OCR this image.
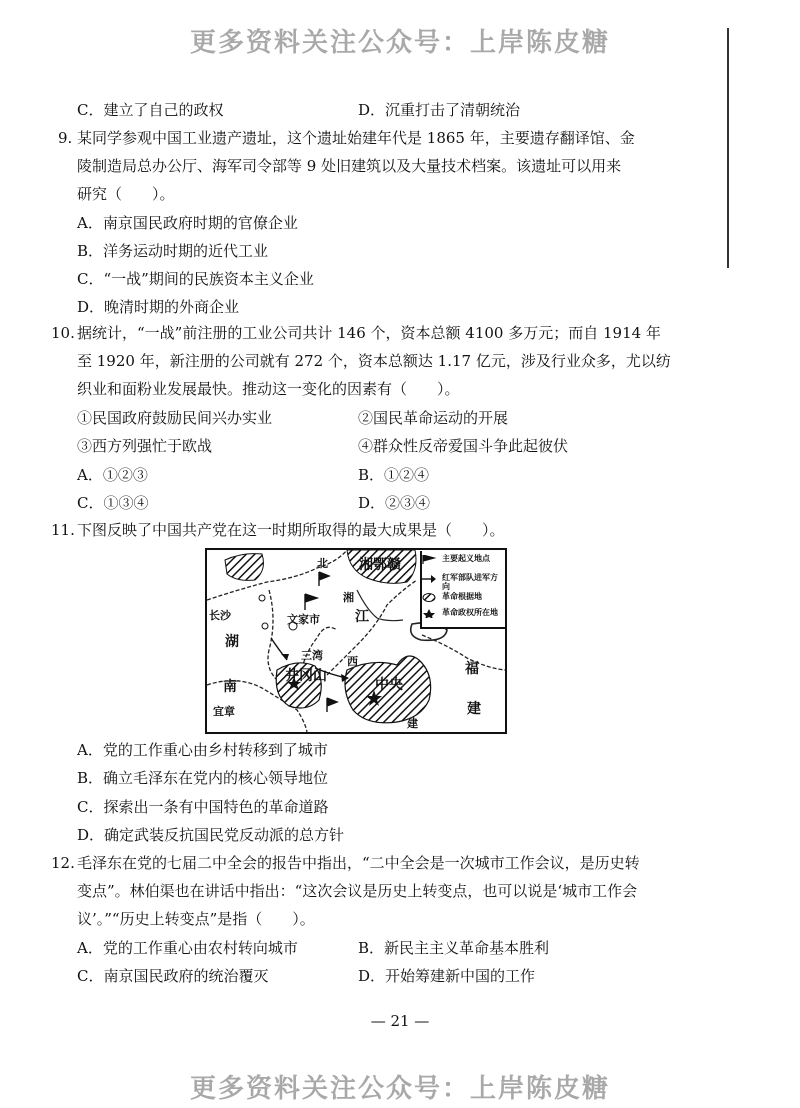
更多资料关注公众号：上岸陈皮糖
C．建立了自己的政权	D．沉重打击了清朝统治
9. 某同学参观中国工业遗产遗址，这个遗址始建年代是 1865 年，主要遗存翻译馆、金
陵制造局总办公厅、海军司令部等 9 处旧建筑以及大量技术档案。该遗址可以用来
研究（　　）。
A．南京国民政府时期的官僚企业
B．洋务运动时期的近代工业
C．“一战”期间的民族资本主义企业
D．晚清时期的外商企业
10. 据统计，“一战”前注册的工业公司共计 146 个，资本总额 4100 多万元；而自 1914 年
至 1920 年，新注册的公司就有 272 个，资本总额达 1.17 亿元，涉及行业众多，尤以纺
织业和面粉业发展最快。推动这一变化的因素有（　　）。
①民国政府鼓励民间兴办实业	②国民革命运动的开展
③西方列强忙于欧战	④群众性反帝爱国斗争此起彼伏
A．①②③	B．①②④
C．①③④	D．②③④
11. 下图反映了中国共产党在这一时期所取得的最大成果是（　　）。
北 湘鄂赣
长沙	文家市	江
湘
湖
三湾 西
井冈山
中央
南
福
建
建
宜章
主要起义地点
红军部队进军方向
革命根据地
革命政权所在地
A．党的工作重心由乡村转移到了城市
B．确立毛泽东在党内的核心领导地位
C．探索出一条有中国特色的革命道路
D．确定武装反抗国民党反动派的总方针
12. 毛泽东在党的七届二中全会的报告中指出，“二中全会是一次城市工作会议，是历史转
变点”。林伯渠也在讲话中指出：“这次会议是历史上转变点，也可以说是‘城市工作会
议’。”“历史上转变点”是指（　　）。
A．党的工作重心由农村转向城市	B．新民主主义革命基本胜利
C．南京国民政府的统治覆灭	D．开始筹建新中国的工作
— 21 —
更多资料关注公众号：上岸陈皮糖
